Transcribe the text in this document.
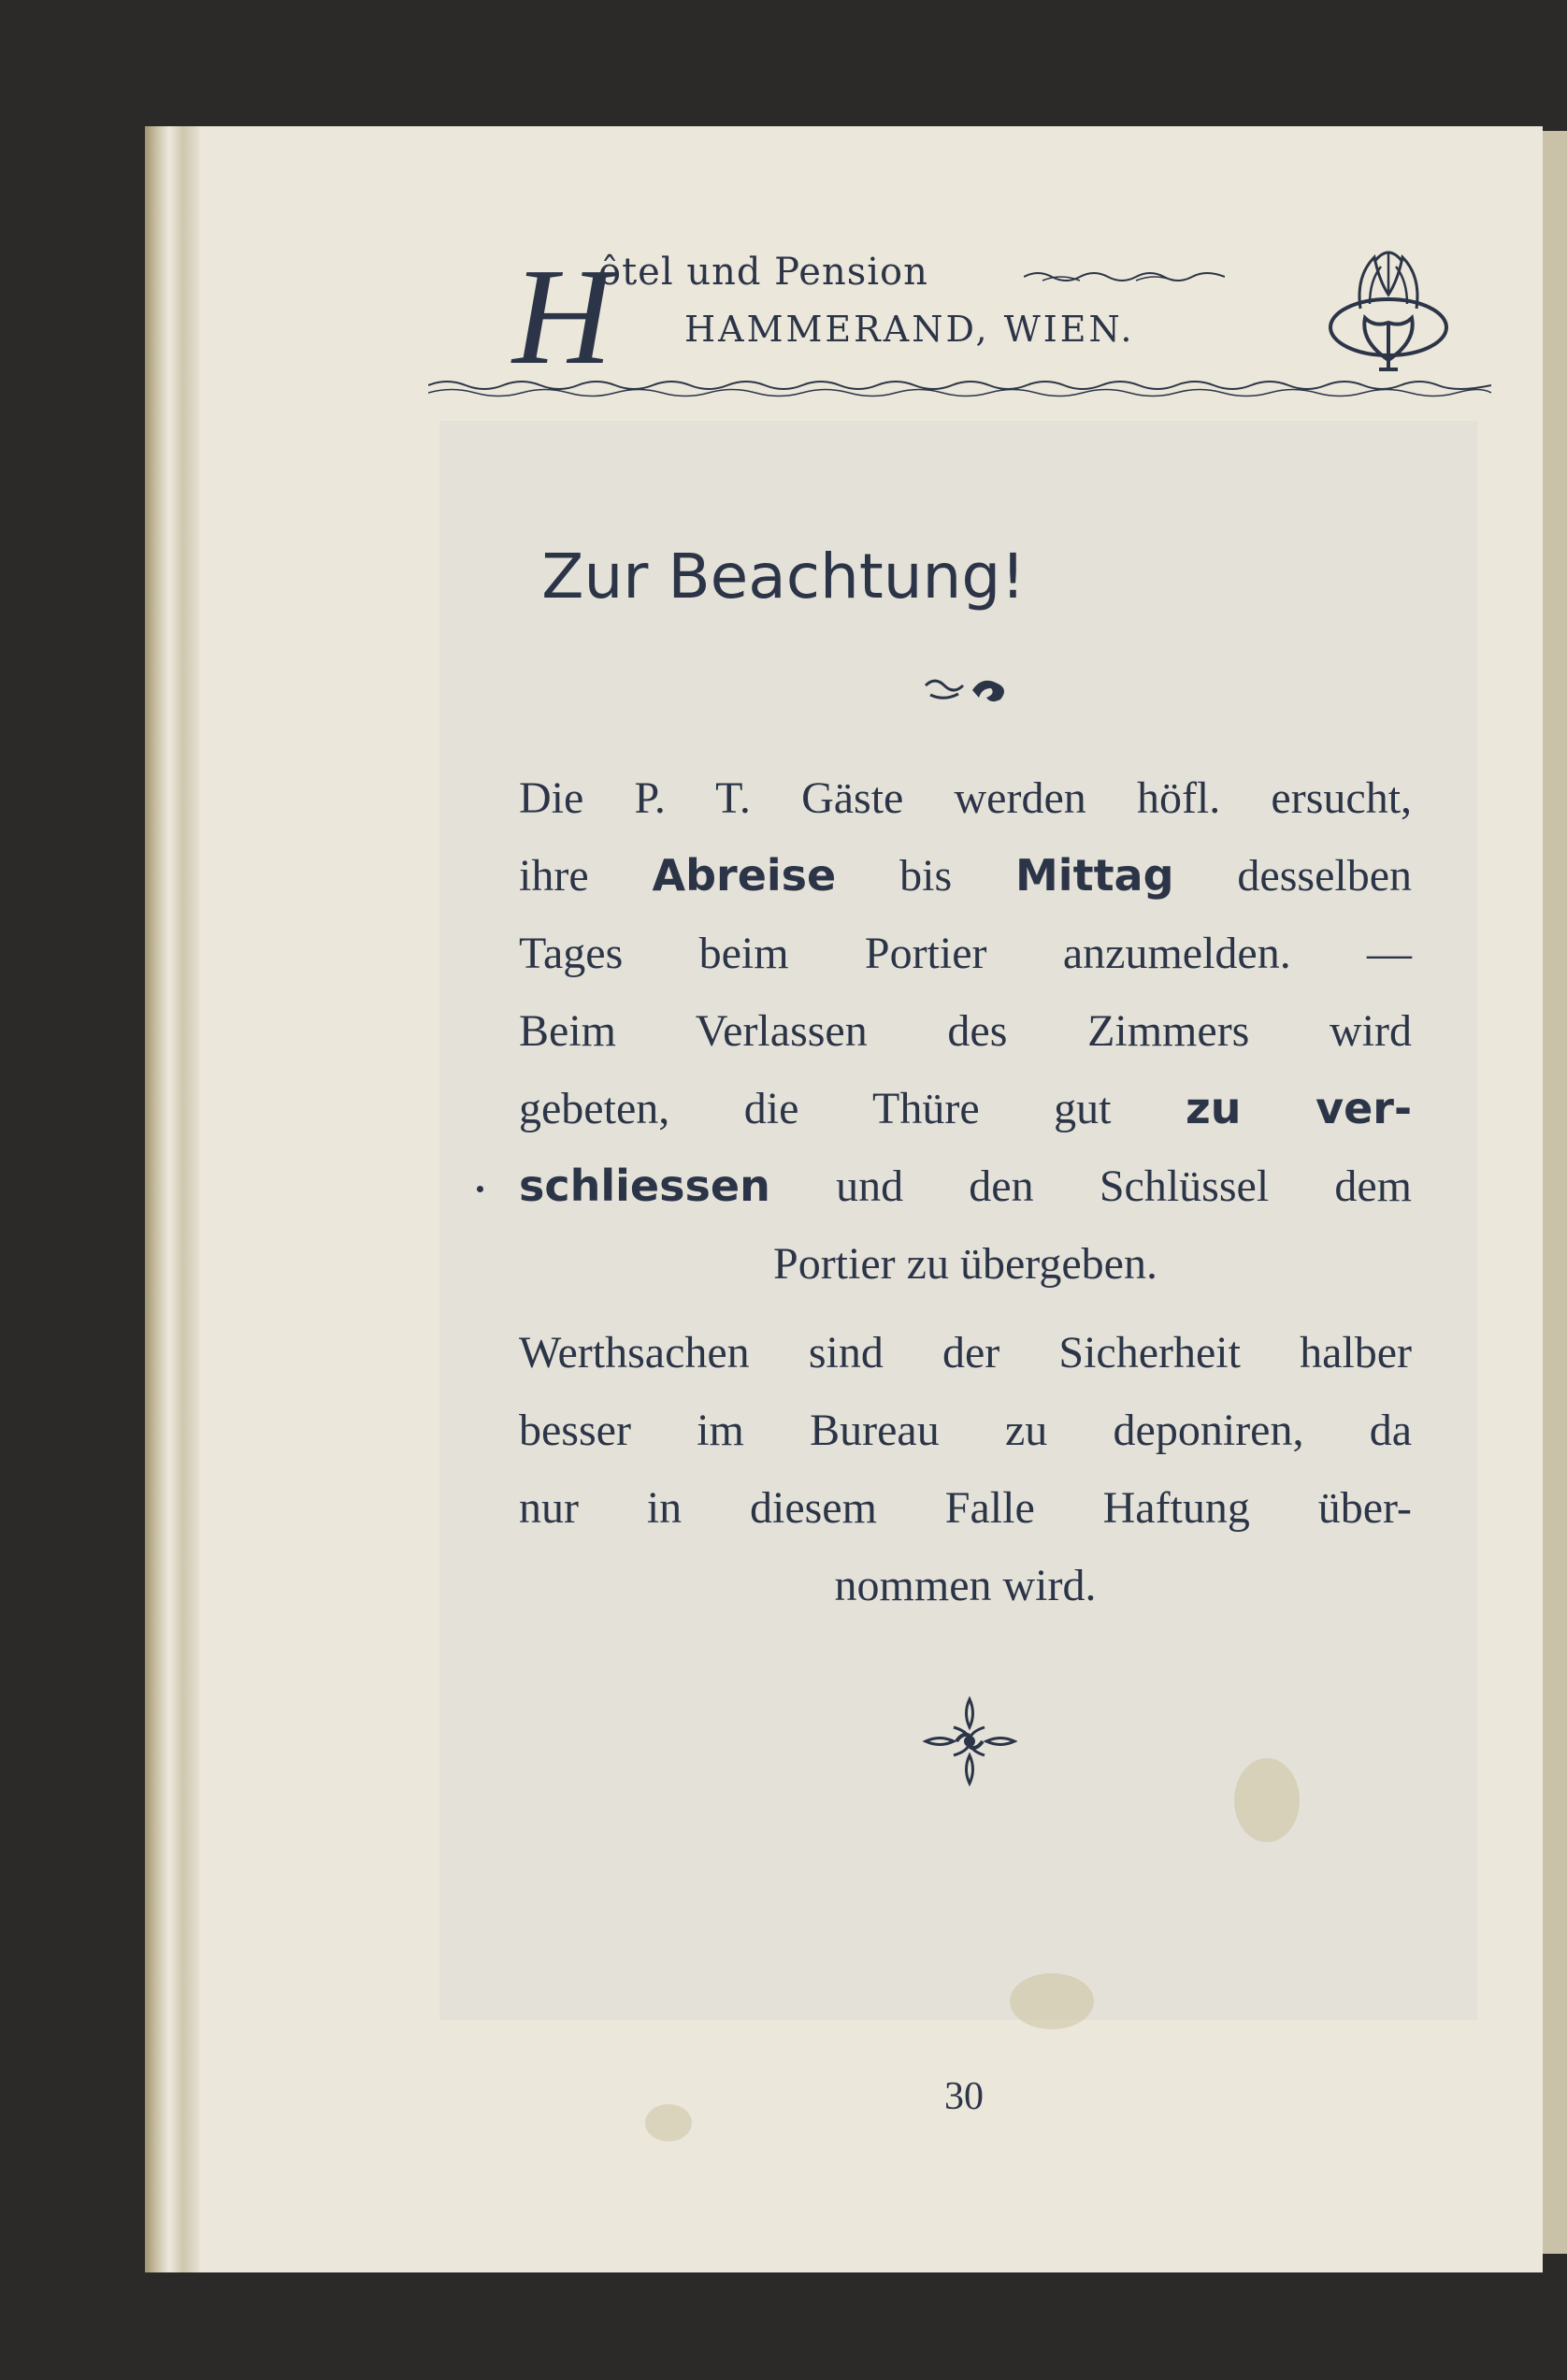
H
ôtel und Pension
HAMMERAND, WIEN.
Zur Beachtung!
Die P. T. Gäste werden höfl. ersucht,
ihre Abreise bis Mittag desselben
Tages beim Portier anzumelden. —
Beim Verlassen des Zimmers wird
gebeten, die Thüre gut zu ver-
schliessen und den Schlüssel dem
Portier zu übergeben.
Werthsachen sind der Sicherheit halber
besser im Bureau zu deponiren, da
nur in diesem Falle Haftung über-
nommen wird.
30
